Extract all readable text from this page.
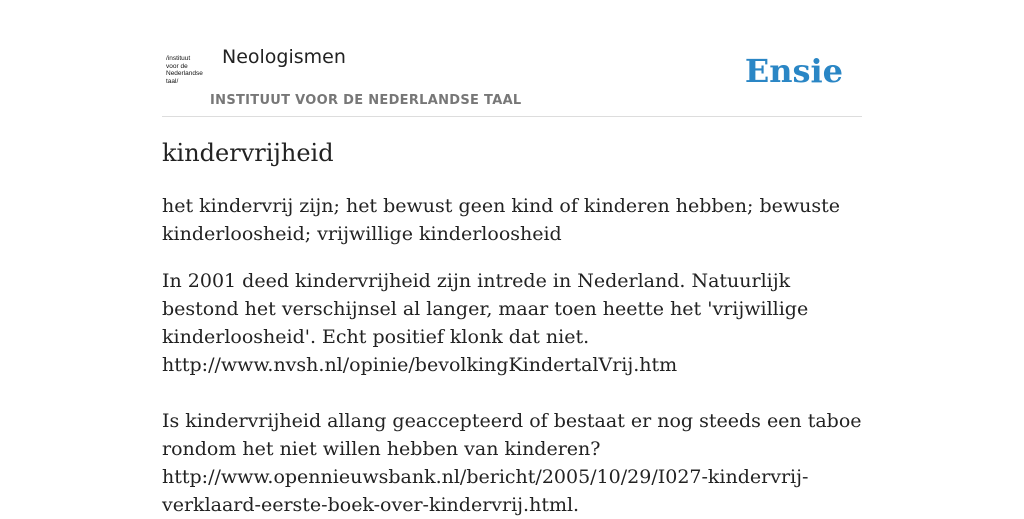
/instituut
voor de
Nederlandse
taal/
Neologismen
INSTITUUT VOOR DE NEDERLANDSE TAAL
Ensie
kindervrijheid

het kindervrij zijn; het bewust geen kind of kinderen hebben; bewuste kinderloosheid; vrijwillige kinderloosheid

In 2001 deed kindervrijheid zijn intrede in Nederland. Natuurlijk bestond het verschijnsel al langer, maar toen heette het 'vrijwillige kinderloosheid'. Echt positief klonk dat niet.

http://www.nvsh.nl/opinie/bevolkingKindertalVrij.htm

Is kindervrijheid allang geaccepteerd of bestaat er nog steeds een taboe rondom het niet willen hebben van kinderen?

http://www.opennieuwsbank.nl/bericht/2005/10/29/I027-kindervrij-verklaard-eerste-boek-over-kindervrij.html.
